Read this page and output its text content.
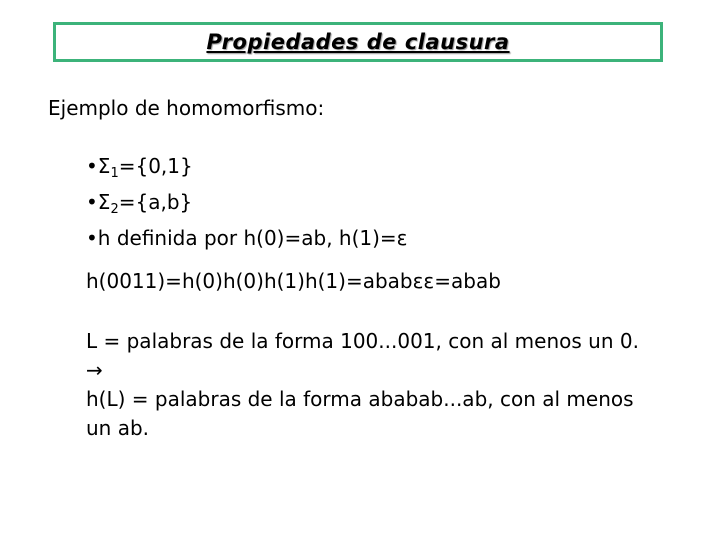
Propiedades de clausura
Ejemplo de homomorfismo:
$•\Sigma_1=\{0,1\}$
$•\Sigma_2=\{a,b\}$
•h definida por h(0)=ab, h(1)=ε
h(0011)=h(0)h(0)h(1)h(1)=ababεε=abab
L = palabras de la forma 100...001, con al menos un 0.
→
h(L) = palabras de la forma ababab...ab, con al menos
un ab.
